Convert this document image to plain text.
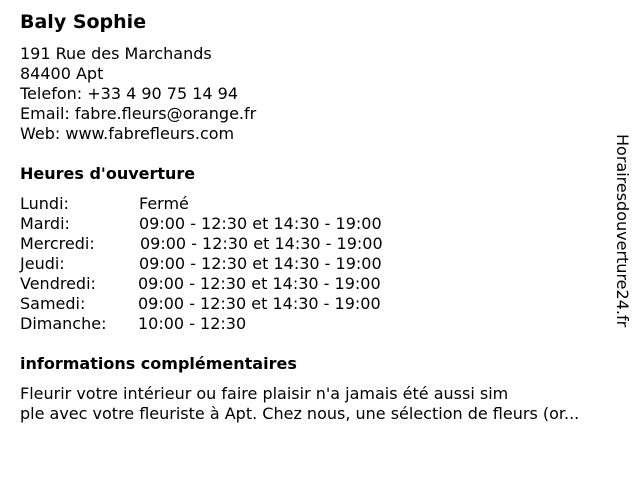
Baly Sophie
191 Rue des Marchands
84400 Apt
Telefon: +33 4 90 75 14 94
Email: fabre.fleurs@orange.fr
Web: www.fabrefleurs.com
Heures d'ouverture
Lundi:	Fermé
Mardi:	09:00 - 12:30 et 14:30 - 19:00
Mercredi:	09:00 - 12:30 et 14:30 - 19:00
Jeudi:	09:00 - 12:30 et 14:30 - 19:00
Vendredi:	09:00 - 12:30 et 14:30 - 19:00
Samedi:	09:00 - 12:30 et 14:30 - 19:00
Dimanche: 10:00 - 12:30
informations complémentaires
Fleurir votre intérieur ou faire plaisir n'a jamais été aussi sim
ple avec votre fleuriste à Apt. Chez nous, une sélection de fleurs (or...
Horairesdouverture24.fr
